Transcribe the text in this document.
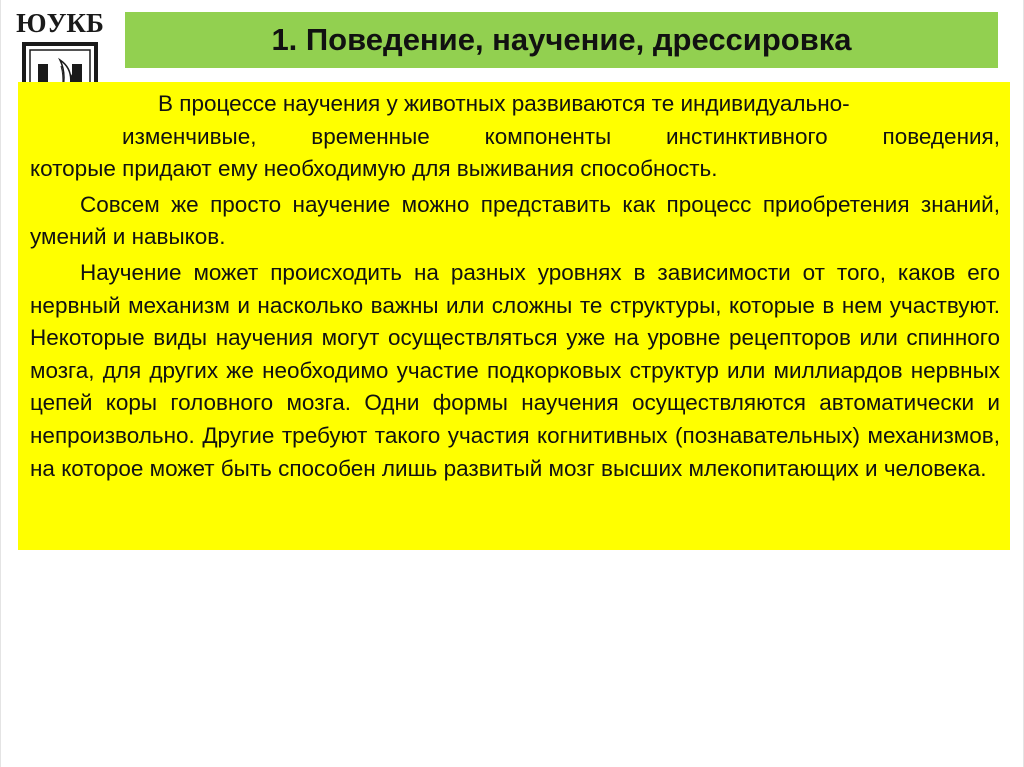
ЮУКБ	1. Поведение, научение, дрессировка

В процессе научения у животных развиваются те индивидуально-
изменчивые, временные компоненты инстинктивного поведения,
которые придают ему необходимую для выживания способность.

Совсем же просто научение можно представить как процесс приобретения знаний, умений и навыков.

Научение может происходить на разных уровнях в зависимости от того, каков его нервный механизм и насколько важны или сложны те структуры, которые в нем участвуют. Некоторые виды научения могут осуществляться уже на уровне рецепторов или спинного мозга, для других же необходимо участие подкорковых структур или миллиардов нервных цепей коры головного мозга. Одни формы научения осуществляются автоматически и непроизвольно. Другие требуют такого участия когнитивных (познавательных) механизмов, на которое может быть способен лишь развитый мозг высших млекопитающих и человека.
